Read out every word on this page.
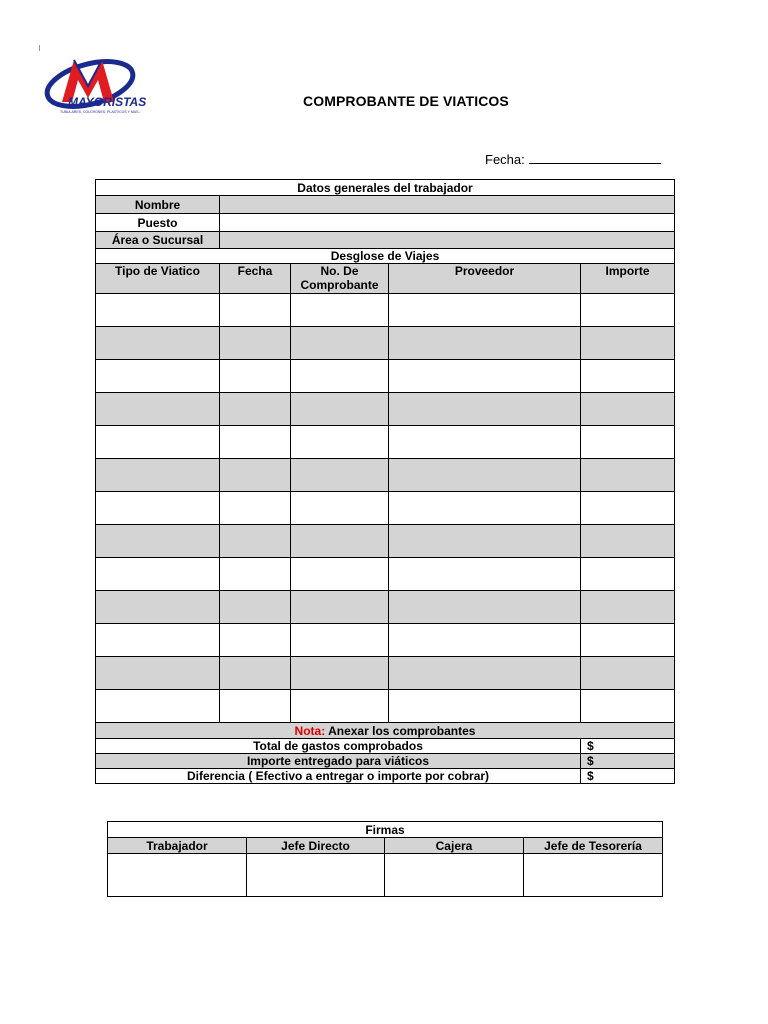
MAYORISTAS
TUBULARES, COLCHONES, PLASTICOS Y MAS...
COMPROBANTE DE VIATICOS
Fecha:
Datos generales del trabajador				
Nombre				
Puesto				
Área o Sucursal				
Desglose de Viajes				
Tipo de Viatico	Fecha	No. De Comprobante	Proveedor	Importe

Nota: Anexar los comprobantes				
Total de gastos comprobados				$
Importe entregado para viáticos				$
Diferencia ( Efectivo a entregar o importe por cobrar)				$
Firmas			
Trabajador	Jefe Directo	Cajera	Jefe de Tesorería
